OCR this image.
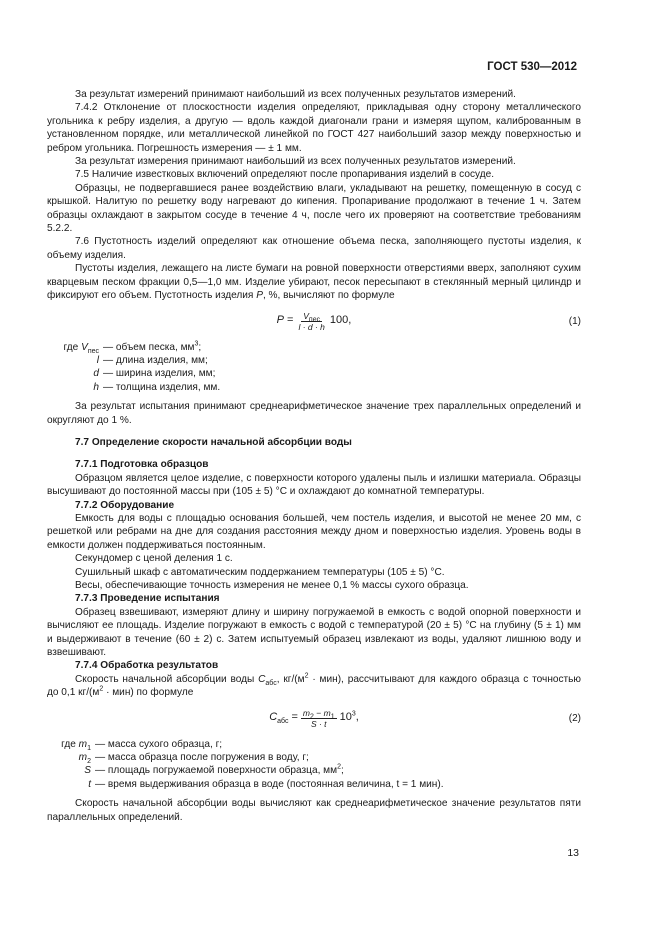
ГОСТ 530—2012

За результат измерений принимают наибольший из всех полученных результатов измерений.

7.4.2 Отклонение от плоскостности изделия определяют, прикладывая одну сторону металлического угольника к ребру изделия, а другую — вдоль каждой диагонали грани и измеряя щупом, калиброванным в установленном порядке, или металлической линейкой по ГОСТ 427 наибольший зазор между поверхностью и ребром угольника. Погрешность измерения — ± 1 мм.

За результат измерения принимают наибольший из всех полученных результатов измерений.

7.5 Наличие известковых включений определяют после пропаривания изделий в сосуде.

Образцы, не подвергавшиеся ранее воздействию влаги, укладывают на решетку, помещенную в сосуд с крышкой. Налитую по решетку воду нагревают до кипения. Пропаривание продолжают в течение 1 ч. Затем образцы охлаждают в закрытом сосуде в течение 4 ч, после чего их проверяют на соответствие требованиям 5.2.2.

7.6 Пустотность изделий определяют как отношение объема песка, заполняющего пустоты изделия, к объему изделия.

Пустоты изделия, лежащего на листе бумаги на ровной поверхности отверстиями вверх, заполняют сухим кварцевым песком фракции 0,5—1,0 мм. Изделие убирают, песок пересыпают в стеклянный мерный цилиндр и фиксируют его объем. Пустотность изделия P, %, вычисляют по формуле

$P = \frac{V_{пес}}{l \cdot d \cdot h} 100$,	(1)
где $V_{пес}$ — объем песка, $мм^3$;
l — длина изделия, мм;
d — ширина изделия, мм;
h — толщина изделия, мм.

За результат испытания принимают среднеарифметическое значение трех параллельных определений и округляют до 1 %.

7.7 Определение скорости начальной абсорбции воды

7.7.1 Подготовка образцов

Образцом является целое изделие, с поверхности которого удалены пыль и излишки материала. Образцы высушивают до постоянной массы при (105 ± 5) °С и охлаждают до комнатной температуры.

7.7.2 Оборудование

Емкость для воды с площадью основания большей, чем постель изделия, и высотой не менее 20 мм, с решеткой или ребрами на дне для создания расстояния между дном и поверхностью изделия. Уровень воды в емкости должен поддерживаться постоянным.

Секундомер с ценой деления 1 с.

Сушильный шкаф с автоматическим поддержанием температуры (105 ± 5) °С.

Весы, обеспечивающие точность измерения не менее 0,1 % массы сухого образца.

7.7.3 Проведение испытания

Образец взвешивают, измеряют длину и ширину погружаемой в емкость с водой опорной поверхности и вычисляют ее площадь. Изделие погружают в емкость с водой с температурой (20 ± 5) °С на глубину (5 ± 1) мм и выдерживают в течение (60 ± 2) с. Затем испытуемый образец извлекают из воды, удаляют лишнюю воду и взвешивают.

7.7.4 Обработка результатов

Скорость начальной абсорбции воды $C_{абс}$, $кг/(м^2 \cdot мин)$, рассчитывают для каждого образца с точностью до 0,1 $кг/(м^2 \cdot мин)$ по формуле

$C_{абс} = \frac{m_2 - m_1}{S \cdot t} 10^3$,	(2)
где $m_1$ — масса сухого образца, г;
$m_2$ — масса образца после погружения в воду, г;
S — площадь погружаемой поверхности образца, $мм^2$;
t — время выдерживания образца в воде (постоянная величина, t = 1 мин).

Скорость начальной абсорбции воды вычисляют как среднеарифметическое значение результатов пяти параллельных определений.

13
